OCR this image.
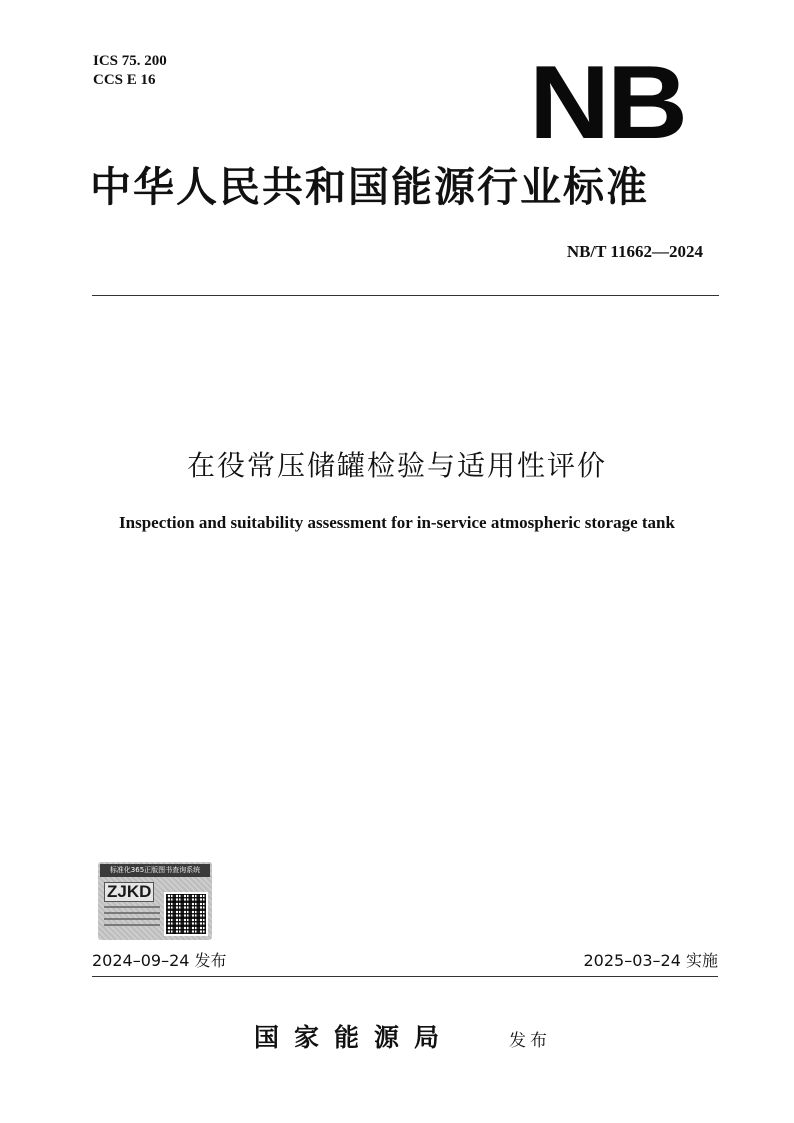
ICS 75. 200
CCS E 16	NB
中华人民共和国能源行业标准
NB/T 11662—2024
在役常压储罐检验与适用性评价
Inspection and suitability assessment for in-service atmospheric storage tank
标准化365正版图书查询系统
ZJKD
2024–09–24 发布	2025–03–24 实施
国家能源局	发布
